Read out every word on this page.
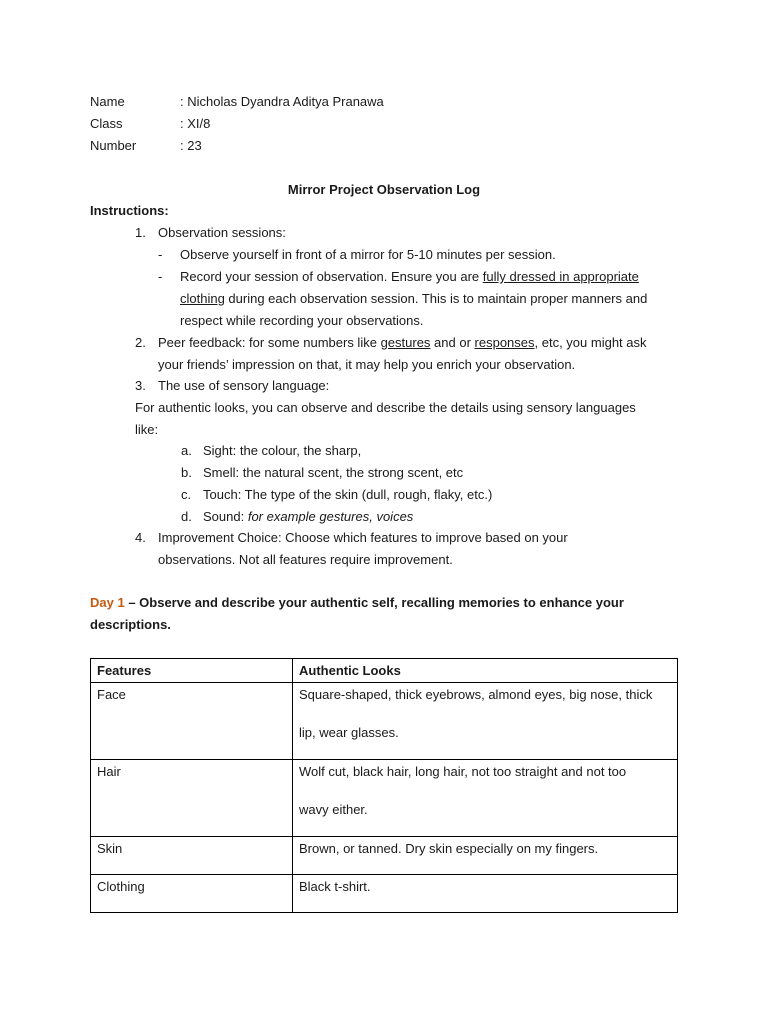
Name	: Nicholas Dyandra Aditya Pranawa
Class	: XI/8
Number	: 23
Mirror Project Observation Log
Instructions:
1. Observation sessions:
- Observe yourself in front of a mirror for 5-10 minutes per session.
- Record your session of observation. Ensure you are fully dressed in appropriate
clothing during each observation session. This is to maintain proper manners and
respect while recording your observations.
2. Peer feedback: for some numbers like gestures and or responses, etc, you might ask
your friends’ impression on that, it may help you enrich your observation.
3. The use of sensory language:
For authentic looks, you can observe and describe the details using sensory languages
like:
a. Sight: the colour, the sharp,
b. Smell: the natural scent, the strong scent, etc
c. Touch: The type of the skin (dull, rough, flaky, etc.)
d. Sound: for example gestures, voices
4. Improvement Choice: Choose which features to improve based on your
observations. Not all features require improvement.
Day 1 – Observe and describe your authentic self, recalling memories to enhance your
descriptions.
Features	Authentic Looks
Face	Square-shaped, thick eyebrows, almond eyes, big nose, thick
lip, wear glasses.

Hair	Wolf cut, black hair, long hair, not too straight and not too
wavy either.

Skin	Brown, or tanned. Dry skin especially on my fingers.
Clothing	Black t-shirt.
